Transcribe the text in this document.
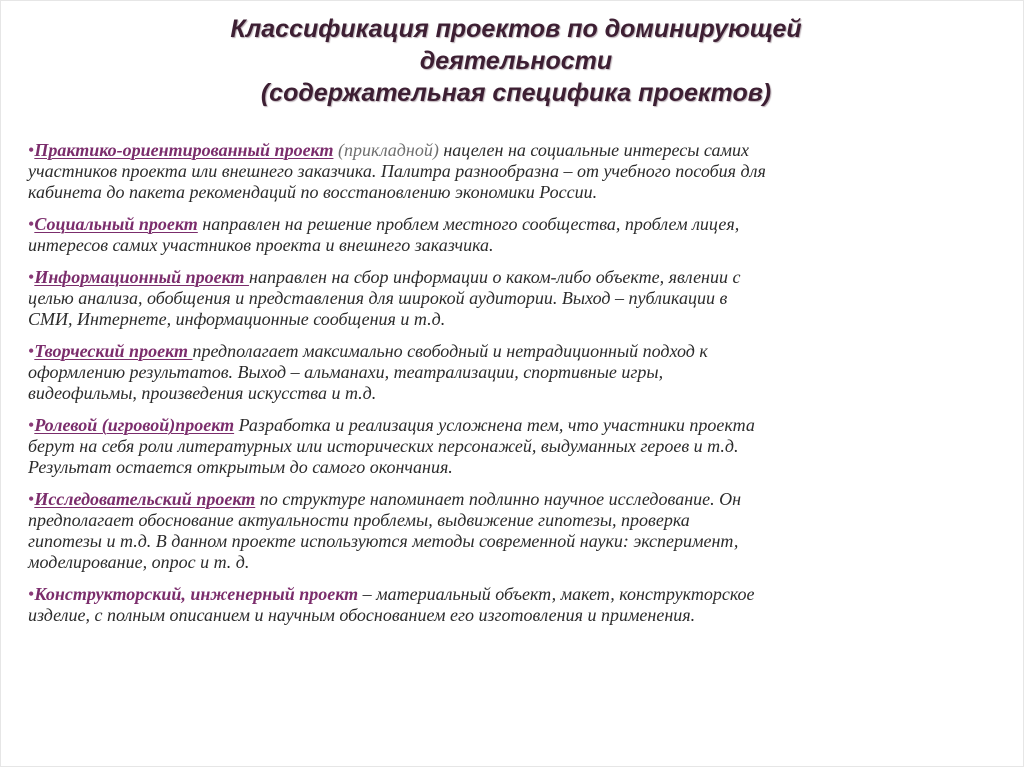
Классификация проектов по доминирующей
деятельности
(содержательная специфика проектов)
•Практико-ориентированный проект (прикладной) нацелен на социальные интересы самих
участников проекта или внешнего заказчика. Палитра разнообразна – от учебного пособия для
кабинета до пакета рекомендаций по восстановлению экономики России.
•Социальный проект направлен на решение проблем местного сообщества, проблем лицея,
интересов самих участников проекта и внешнего заказчика.
•Информационный проект направлен на сбор информации о каком-либо объекте, явлении с
целью анализа, обобщения и представления для широкой аудитории. Выход – публикации в
СМИ, Интернете, информационные сообщения и т.д.
•Творческий проект предполагает максимально свободный и нетрадиционный подход к
оформлению результатов. Выход – альманахи, театрализации, спортивные игры,
видеофильмы, произведения искусства и т.д.
•Ролевой (игровой)проект Разработка и реализация усложнена тем, что участники проекта
берут на себя роли литературных или исторических персонажей, выдуманных героев и т.д.
Результат остается открытым до самого окончания.
•Исследовательский проект по структуре напоминает подлинно научное исследование. Он
предполагает обоснование актуальности проблемы, выдвижение гипотезы, проверка
гипотезы и т.д. В данном проекте используются методы современной науки: эксперимент,
моделирование, опрос и т. д.
•Конструкторский, инженерный проект – материальный объект, макет, конструкторское
изделие, с полным описанием и научным обоснованием его изготовления и применения.
